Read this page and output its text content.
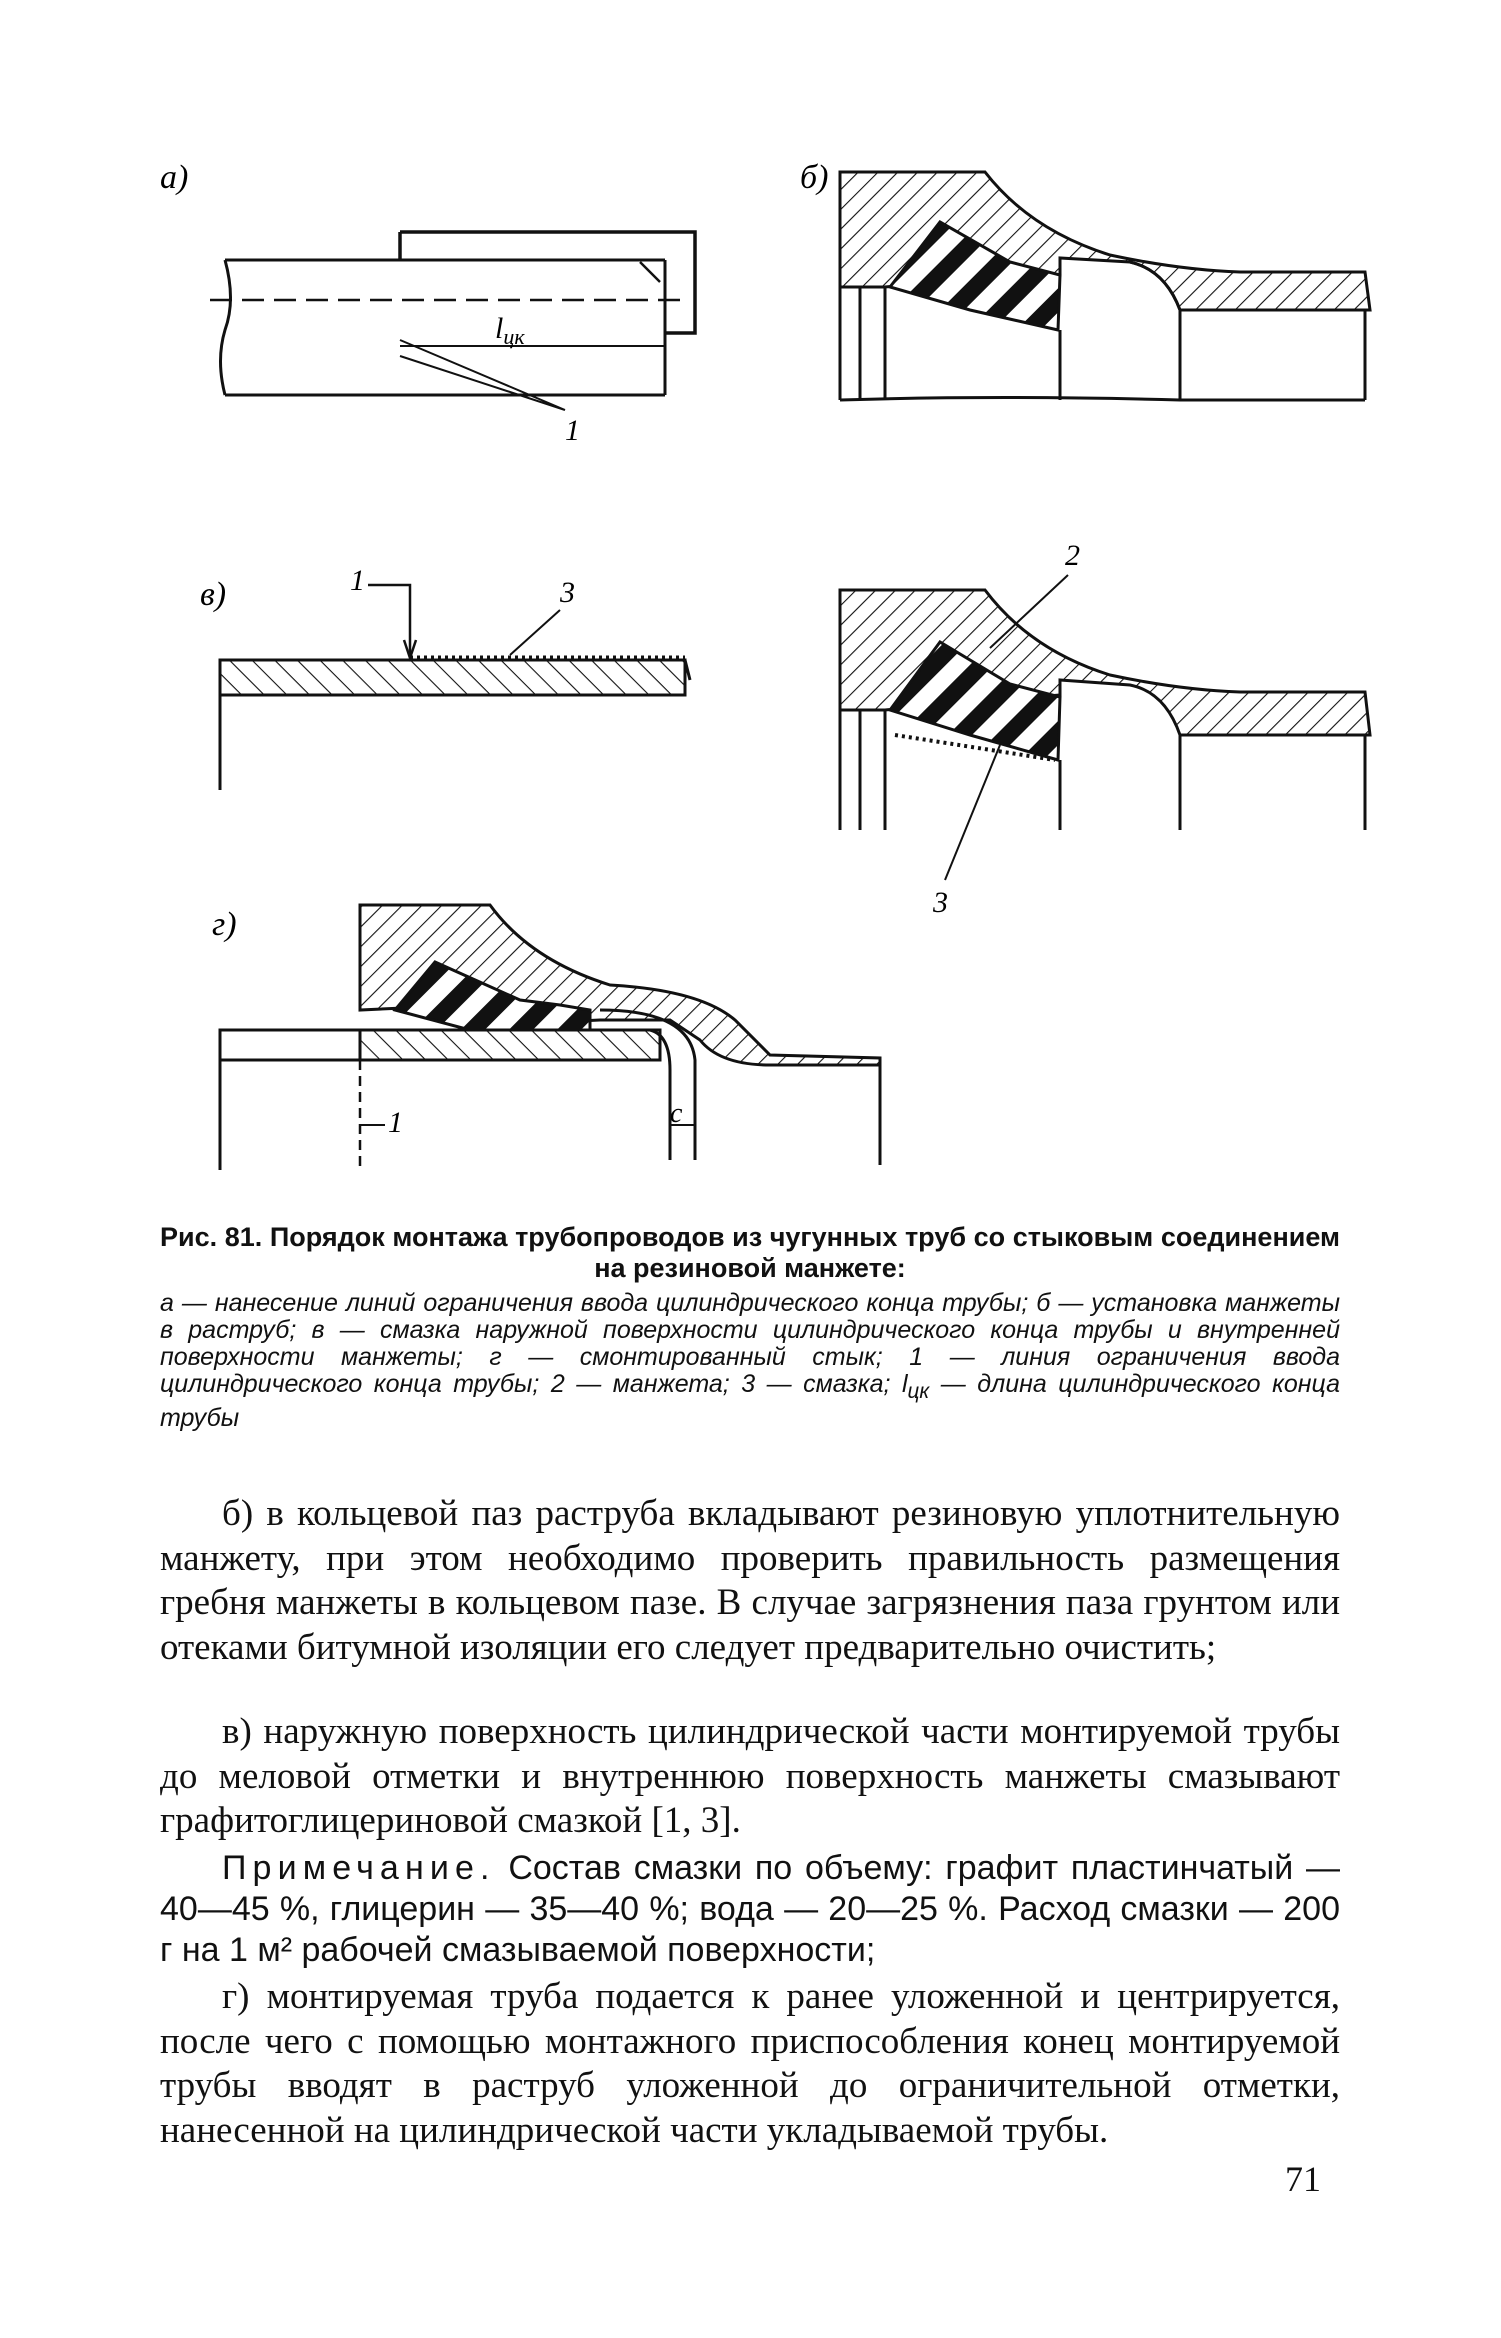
а)
$l_{цк}$
1
б)
в)	1	3
2
3
г)
1	с

Рис. 81. Порядок монтажа трубопроводов из чугунных труб со стыковым соединением на резиновой манжете:

а — нанесение линий ограничения ввода цилиндрического конца трубы; б — установка манжеты в раструб; в — смазка наружной поверхности цилиндрического конца трубы и внутренней поверхности манжеты; г — смонтированный стык; 1 — линия ограничения ввода цилиндрического конца трубы; 2 — манжета; 3 — смазка; $l_{цк}$ — длина цилиндрического конца трубы

б) в кольцевой паз раструба вкладывают резиновую уплотнительную манжету, при этом необходимо проверить правильность размещения гребня манжеты в кольцевом пазе. В случае загрязнения паза грунтом или отеками битумной изоляции его следует предварительно очистить;

в) наружную поверхность цилиндрической части монтируемой трубы до меловой отметки и внутреннюю поверхность манжеты смазывают графитоглицериновой смазкой [1, 3].

Примечание. Состав смазки по объему: графит пластинчатый — 40—45 %, глицерин — 35—40 %; вода — 20—25 %. Расход смазки — 200 г на 1 м² рабочей смазываемой поверхности;

г) монтируемая труба подается к ранее уложенной и центрируется, после чего с помощью монтажного приспособления конец монтируемой трубы вводят в раструб уложенной до ограничительной отметки, нанесенной на цилиндрической части укладываемой трубы.

71
